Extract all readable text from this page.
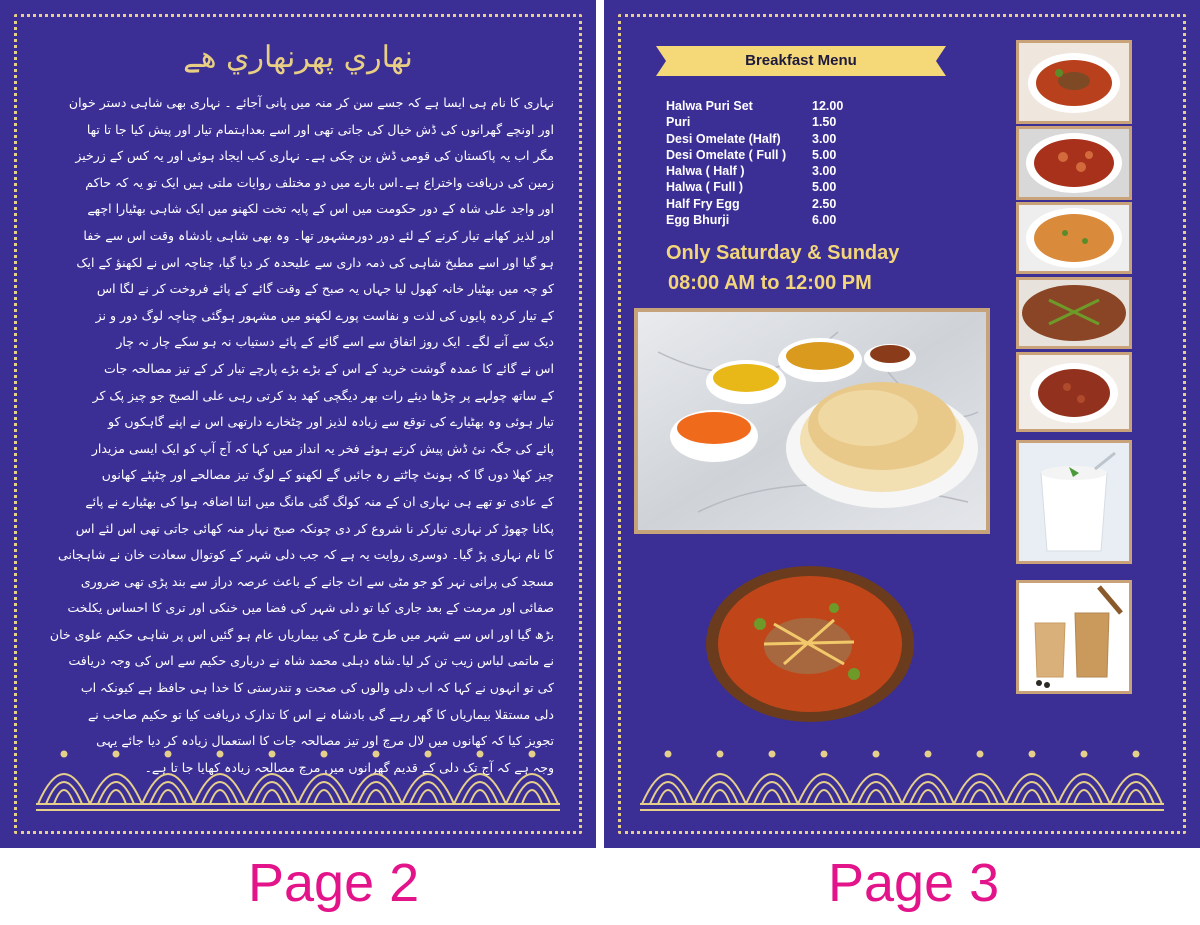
نهاري پهرنهاري هے

نہاری کا نام ہی ایسا ہے کہ جسے سن کر منہ میں پانی آجائے ۔ نہاری بھی شاہی دستر خوان

اور اونچے گھرانوں کی ڈش خیال کی جاتی تھی اور اسے بعداہتمام تیار اور پیش کیا جا تا تھا

مگر اب یہ پاکستان کی قومی ڈش بن چکی ہے۔ نہاری کب ایجاد ہوئی اور یہ کس کے زرخیز

زمین کی دریافت واختراع ہے۔اس بارے میں دو مختلف روایات ملتی ہیں ایک تو یہ کہ حاکم

اور واجد علی شاہ کے دور حکومت میں اس کے پایہ تخت لکھنو میں ایک شاہی بھٹیارا اچھے

اور لذیز کھانے تیار کرنے کے لئے دور دورمشہور تھا۔ وہ بھی شاہی بادشاہ وقت اس سے خفا

ہو گیا اور اسے مطبخ شاہی کی ذمہ داری سے علیحدہ کر دیا گیا، چناچہ اس نے لکھنؤ کے ایک

کو چہ میں بھٹیار خانہ کھول لیا جہاں یہ صبح کے وقت گائے کے پائے فروخت کر نے لگا اس

کے تیار کردہ پایوں کی لذت و نفاست پورے لکھنو میں مشہور ہوگئی چناچہ لوگ دور و نز

دیک سے آنے لگے۔ ایک روز اتفاق سے اسے گائے کے پائے دستیاب نہ ہو سکے چار نہ چار

اس نے گائے کا عمدہ گوشت خرید کے اس کے بڑے بڑے پارچے تیار کر کے تیز مصالحہ جات

کے ساتھ چولہے پر چڑھا دیئے رات بھر دیگچی کھد بد کرتی رہی علی الصبح جو چیز پک کر

تیار ہوئی وہ بھٹیارے کی توقع سے زیادہ لذیز اور چٹخارے دارتھی اس نے اپنے گاہکوں کو

پائے کی جگہ نئ ڈش پیش کرتے ہوئے فخر یہ انداز میں کہا کہ آج آپ کو ایک ایسی مزیدار

چیز کھلا دوں گا کہ ہونٹ چاٹتے رہ جائیں گے لکھنو کے لوگ تیز مصالحے اور چٹپٹے کھانوں

کے عادی تو تھے ہی نہاری ان کے منہ کولگ گئی مانگ میں اتنا اضافہ ہوا کی بھٹیارے نے پائے

پکانا چھوڑ کر نہاری تیارکر نا شروع کر دی چونکہ صبح نہار منہ کھائی جاتی تھی اس لئے اس

کا نام نہاری پڑ گیا۔ دوسری روایت یہ ہے کہ جب دلی شہر کے کوتوال سعادت خان نے شاہجانی

مسجد کی پرانی نہر کو جو مٹی سے اٹ جانے کے باعث عرصہ دراز سے بند پڑی تھی ضروری

صفائی اور مرمت کے بعد جاری کیا تو دلی شہر کی فضا میں خنکی اور تری کا احساس یکلخت

بڑھ گیا اور اس سے شہر میں طرح طرح کی بیماریاں عام ہو گئیں اس پر شاہی حکیم علوی خان

نے ماتمی لباس زیب تن کر لیا۔شاہ دہلی محمد شاہ نے درباری حکیم سے اس کی وجہ دریافت

کی تو انہوں نے کہا کہ اب دلی والوں کی صحت و تندرستی کا خدا ہی حافظ ہے کیونکہ اب

دلی مستقلا بیماریاں کا گھر رہے گی بادشاہ نے اس کا تدارک دریافت کیا تو حکیم صاحب نے

تجویز کیا کہ کھانوں میں لال مرچ اور تیز مصالحہ جات کا استعمال زیادہ کر دیا جائے یہی

وجہ ہے کہ آج تک دلی کے قدیم گھرانوں میں مرچ مصالحہ زیادہ کھایا جا تا ہے۔

Breakfast Menu
Halwa Puri Set	12.00
Puri	1.50
Desi Omelate (Half)	3.00
Desi Omelate ( Full )	5.00
Halwa ( Half )	3.00
Halwa ( Full )	5.00
Half Fry Egg	2.50
Egg Bhurji	6.00
Only Saturday & Sunday
08:00 AM to 12:00 PM
Page 2	Page 3
